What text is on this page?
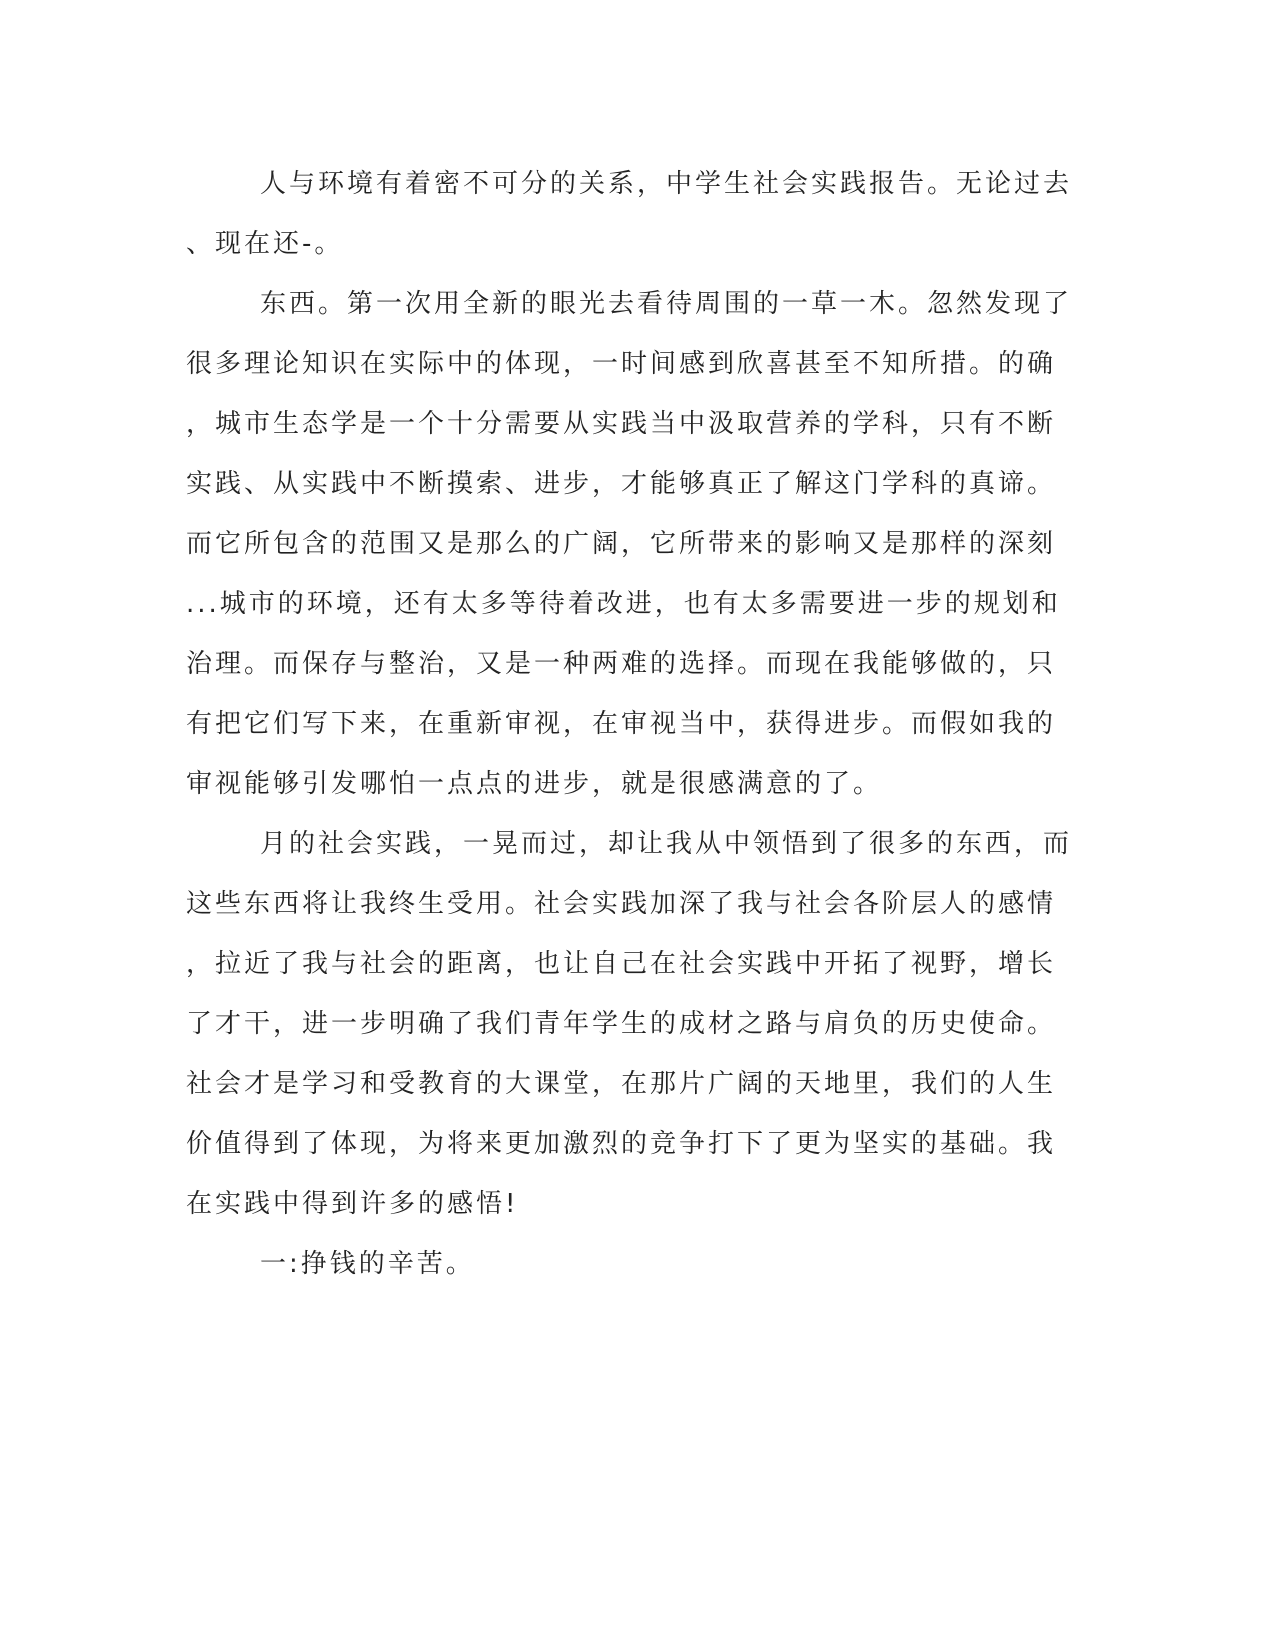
人与环境有着密不可分的关系，中学生社会实践报告。无论过去
、现在还-。
东西。第一次用全新的眼光去看待周围的一草一木。忽然发现了
很多理论知识在实际中的体现，一时间感到欣喜甚至不知所措。的确
，城市生态学是一个十分需要从实践当中汲取营养的学科，只有不断
实践、从实践中不断摸索、进步，才能够真正了解这门学科的真谛。
而它所包含的范围又是那么的广阔，它所带来的影响又是那样的深刻
...城市的环境，还有太多等待着改进，也有太多需要进一步的规划和
治理。而保存与整治，又是一种两难的选择。而现在我能够做的，只
有把它们写下来，在重新审视，在审视当中，获得进步。而假如我的
审视能够引发哪怕一点点的进步，就是很感满意的了。
月的社会实践，一晃而过，却让我从中领悟到了很多的东西，而
这些东西将让我终生受用。社会实践加深了我与社会各阶层人的感情
，拉近了我与社会的距离，也让自己在社会实践中开拓了视野，增长
了才干，进一步明确了我们青年学生的成材之路与肩负的历史使命。
社会才是学习和受教育的大课堂，在那片广阔的天地里，我们的人生
价值得到了体现，为将来更加激烈的竞争打下了更为坚实的基础。我
在实践中得到许多的感悟!
一:挣钱的辛苦。
